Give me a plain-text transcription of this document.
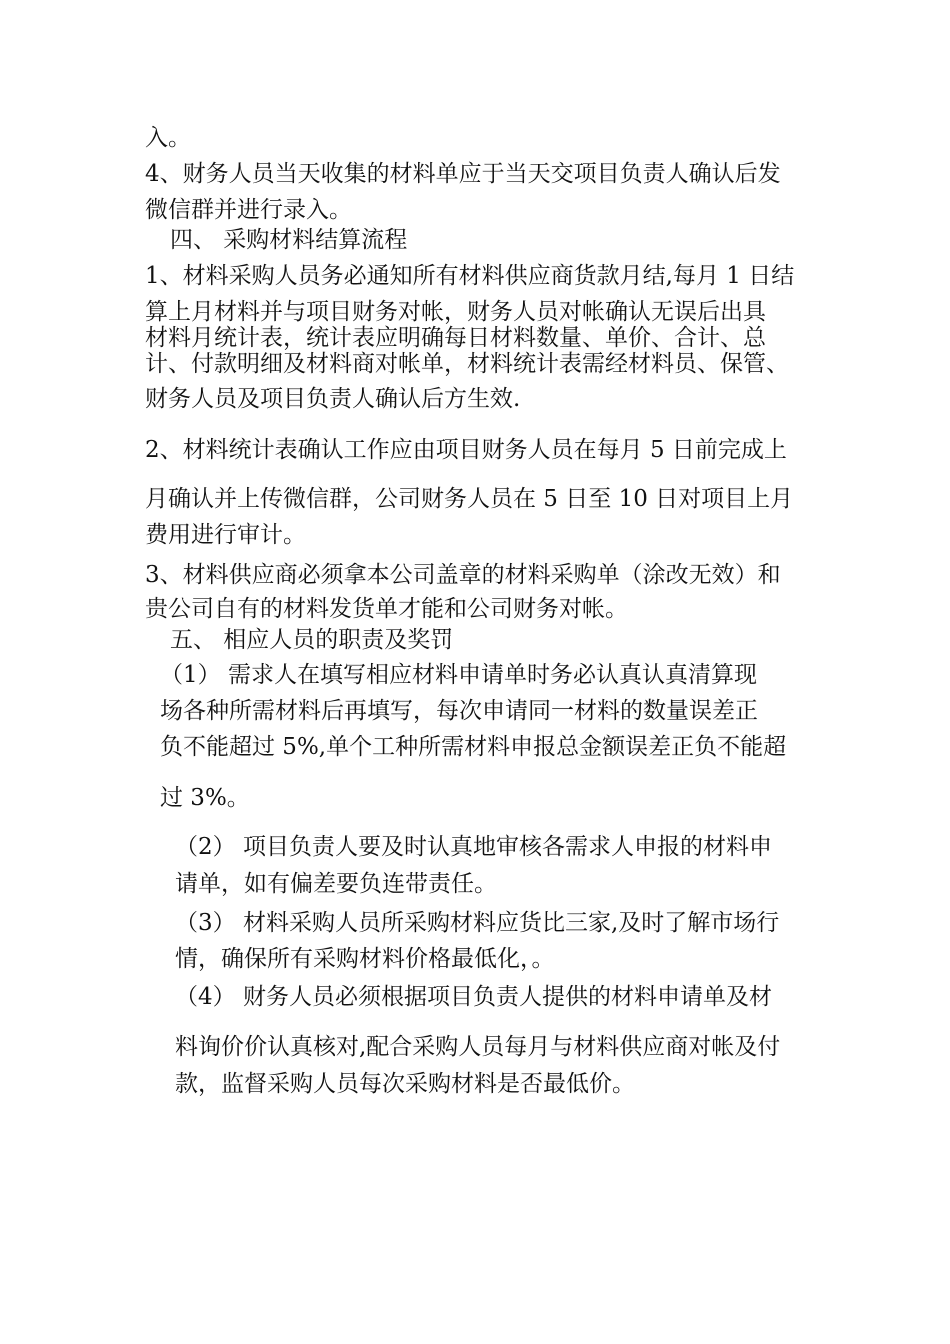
入。
4、财务人员当天收集的材料单应于当天交项目负责人确认后发
微信群并进行录入。
四、 采购材料结算流程
1、材料采购人员务必通知所有材料供应商货款月结,每月 1 日结
算上月材料并与项目财务对帐，财务人员对帐确认无误后出具
材料月统计表，统计表应明确每日材料数量、单价、合计、总
计、付款明细及材料商对帐单，材料统计表需经材料员、保管、
财务人员及项目负责人确认后方生效.
2、材料统计表确认工作应由项目财务人员在每月 5 日前完成上
月确认并上传微信群，公司财务人员在 5 日至 10 日对项目上月
费用进行审计。
3、材料供应商必须拿本公司盖章的材料采购单（涂改无效）和
贵公司自有的材料发货单才能和公司财务对帐。
五、 相应人员的职责及奖罚
（1） 需求人在填写相应材料申请单时务必认真认真清算现
场各种所需材料后再填写，每次申请同一材料的数量误差正
负不能超过 5%,单个工种所需材料申报总金额误差正负不能超
过 3%。
（2） 项目负责人要及时认真地审核各需求人申报的材料申
请单，如有偏差要负连带责任。
（3） 材料采购人员所采购材料应货比三家,及时了解市场行
情，确保所有采购材料价格最低化，。
（4） 财务人员必须根据项目负责人提供的材料申请单及材
料询价价认真核对,配合采购人员每月与材料供应商对帐及付
款，监督采购人员每次采购材料是否最低价。
